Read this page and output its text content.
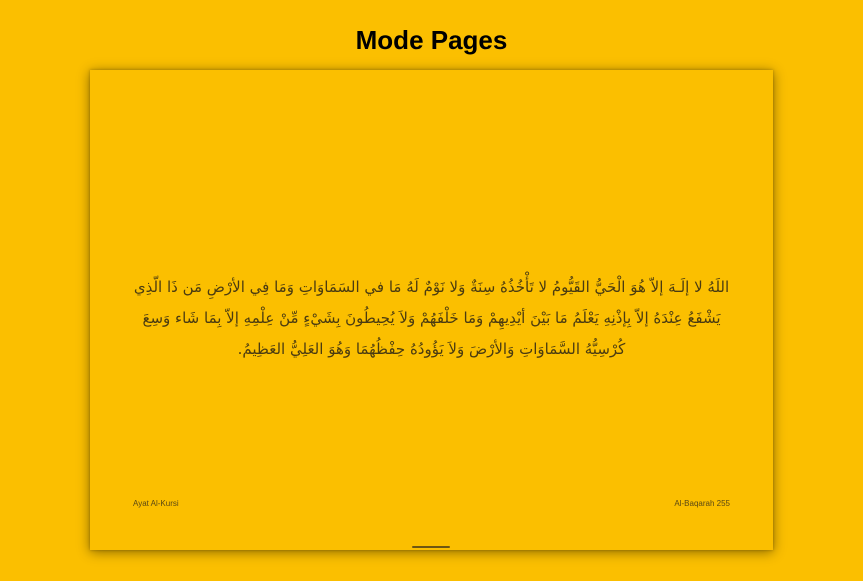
Mode Pages
اللَهُ لا إلَـهَ إلاّ هُوَ الْحَيُّ القَيُّومُ لا تَأْخُذُهُ سِنَةٌ وَلا نَوْمٌ لَهُ مَا في السَمَاوَاتِ وَمَا فِي الأرْضِ مَن ذَا الّذِي يَشْفَعُ عِنْدَهُ إلاّ بِإذْنِهِ يَعْلَمُ مَا بَيْنَ أيْدِيهِمْ وَمَا خَلْفَهُمْ وَلاَ يُحِيطُونَ بِشَيْءٍ مِّنْ عِلْمِهِ إلاّ بِمَا شَاء وَسِعَ كُرْسِيُّهُ السَّمَاوَاتِ وَالأرْضَ وَلاَ يَؤُودُهُ حِفْظُهُمَا وَهُوَ العَلِيُّ العَظِيمُ.
Ayat Al-Kursi	Al-Baqarah 255
